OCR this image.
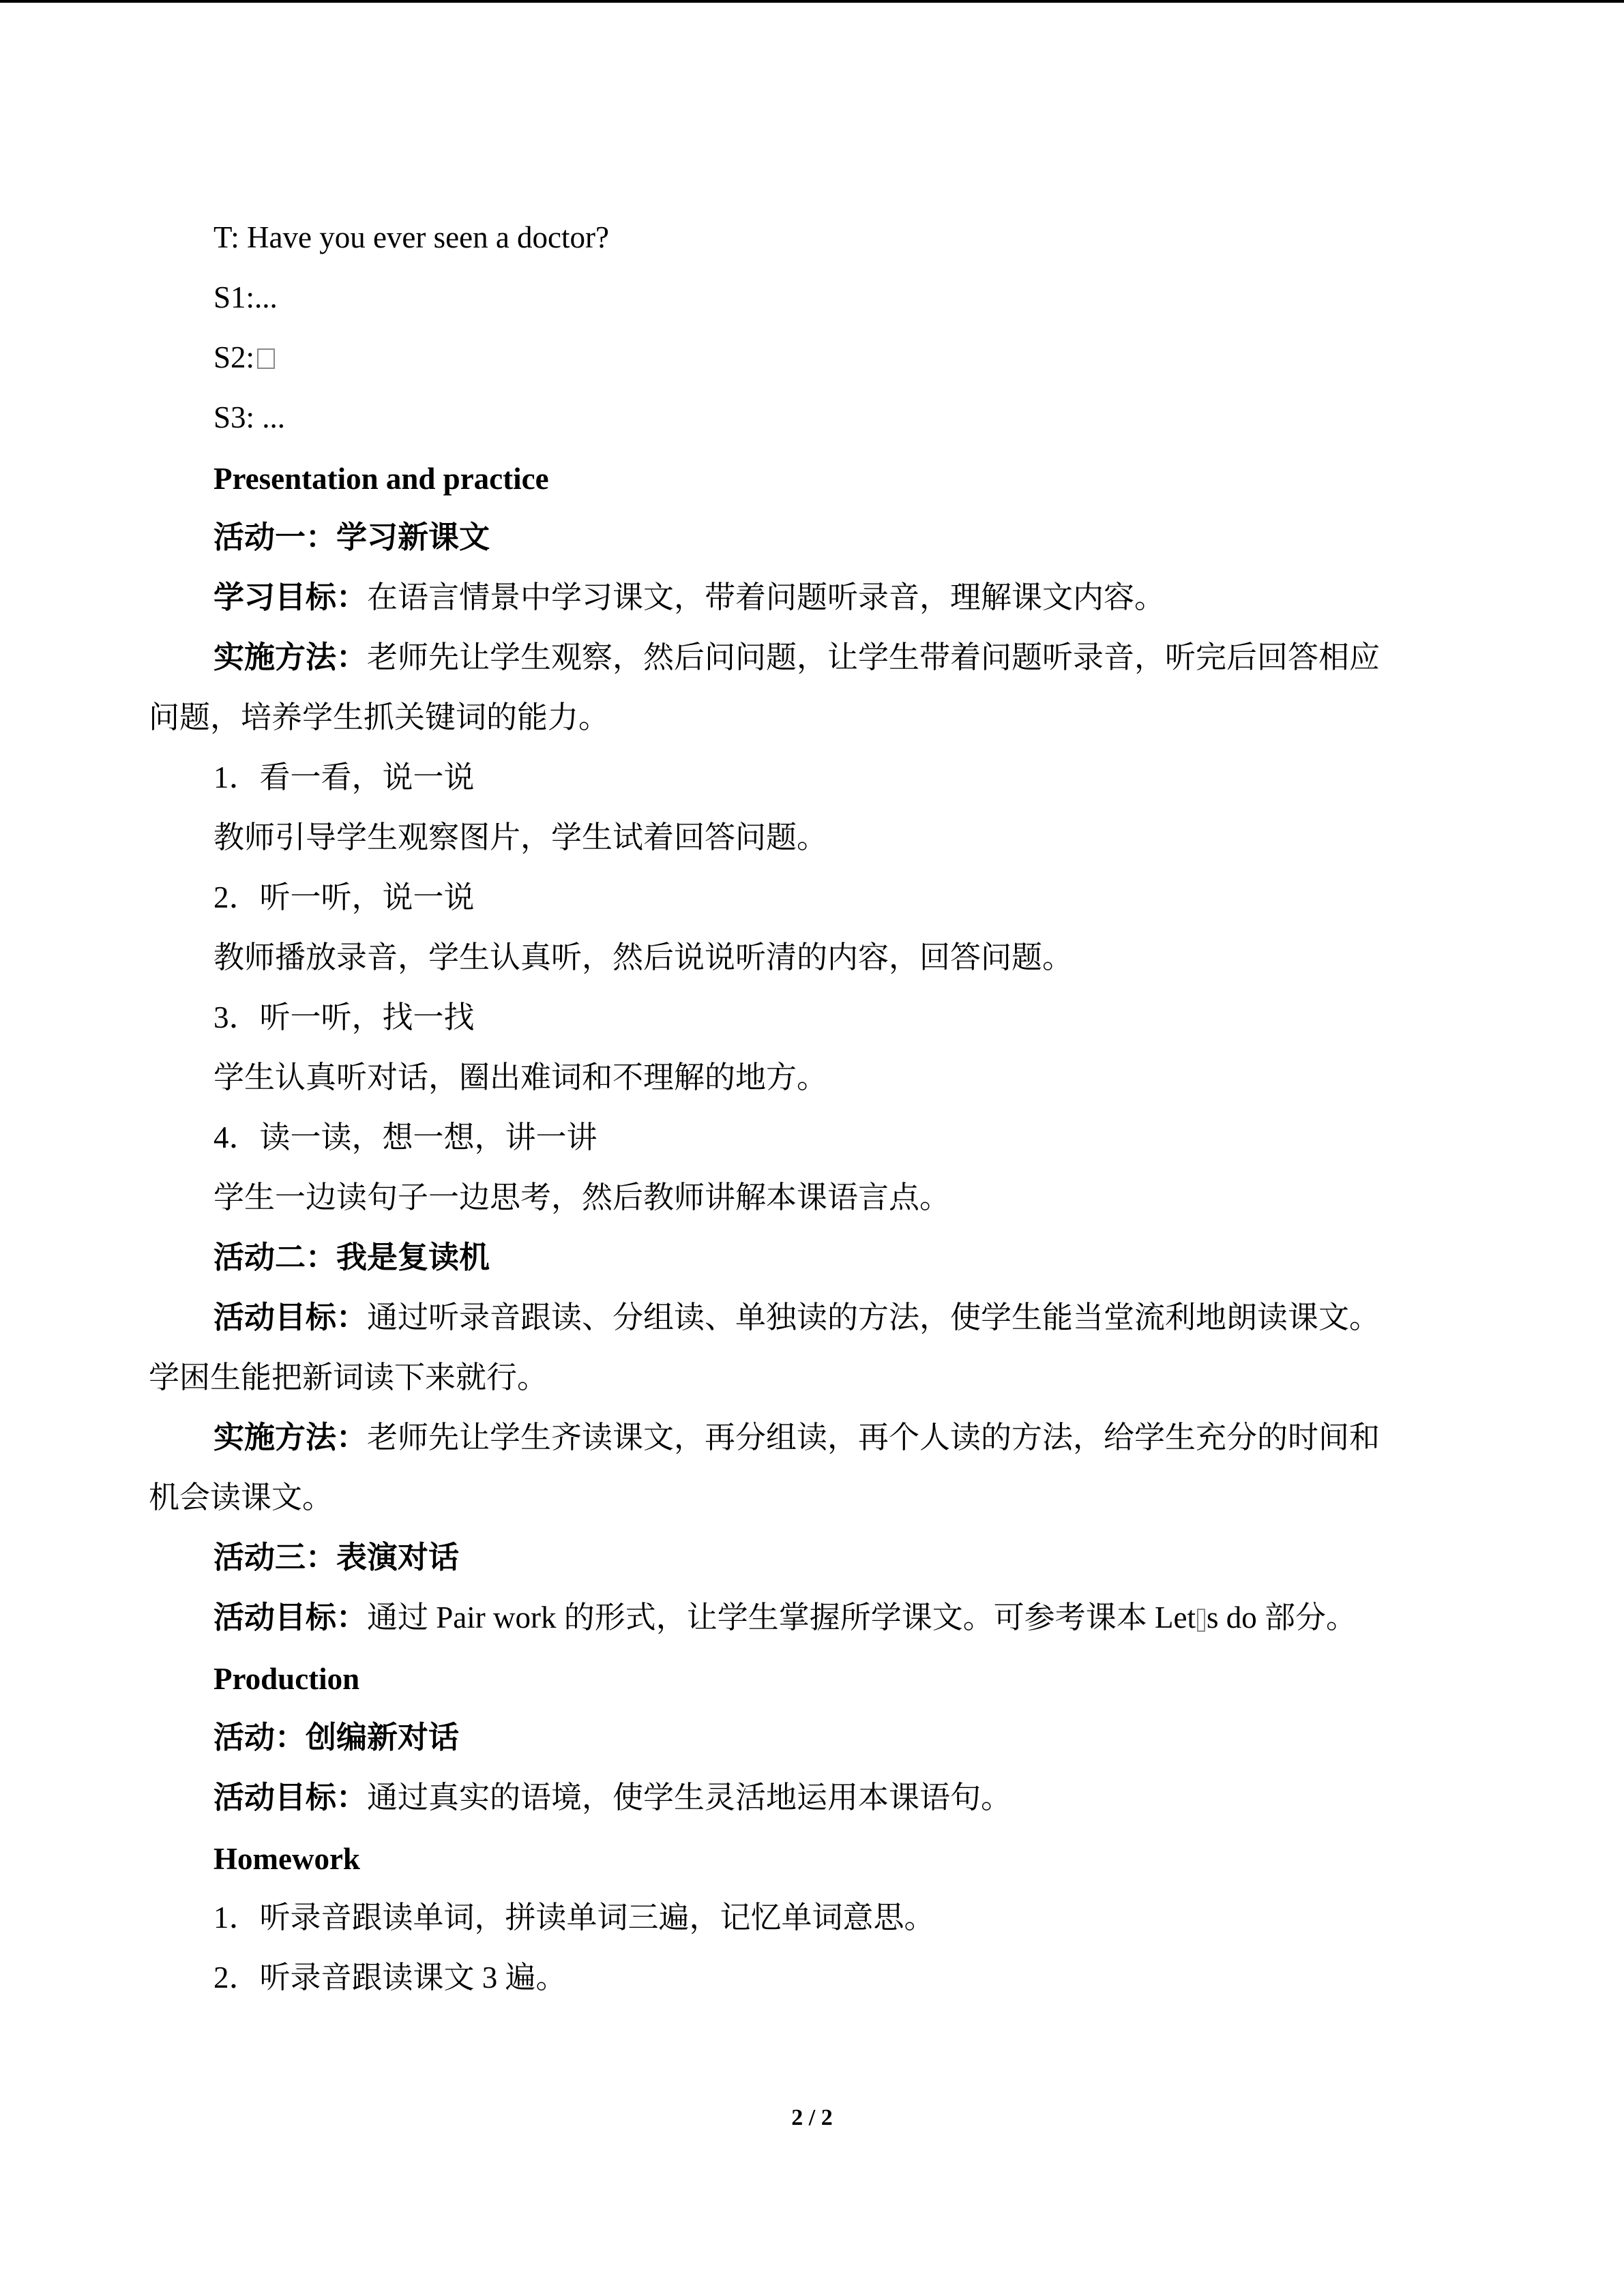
T: Have you ever seen a doctor?
S1:...
S2:
S3: ...
Presentation and practice
活动一：学习新课文
学习目标：在语言情景中学习课文，带着问题听录音，理解课文内容。
实施方法：老师先让学生观察，然后问问题，让学生带着问题听录音，听完后回答相应
问题，培养学生抓关键词的能力。
1．看一看，说一说
教师引导学生观察图片，学生试着回答问题。
2．听一听，说一说
教师播放录音，学生认真听，然后说说听清的内容，回答问题。
3．听一听，找一找
学生认真听对话，圈出难词和不理解的地方。
4．读一读，想一想，讲一讲
学生一边读句子一边思考，然后教师讲解本课语言点。
活动二：我是复读机
活动目标：通过听录音跟读、分组读、单独读的方法，使学生能当堂流利地朗读课文。
学困生能把新词读下来就行。
实施方法：老师先让学生齐读课文，再分组读，再个人读的方法，给学生充分的时间和
机会读课文。
活动三：表演对话
活动目标：通过 Pair work 的形式，让学生掌握所学课文。可参考课本 Let s do 部分。
Production
活动：创编新对话
活动目标：通过真实的语境，使学生灵活地运用本课语句。
Homework
1．听录音跟读单词，拼读单词三遍，记忆单词意思。
2．听录音跟读课文 3 遍。
2 / 2
